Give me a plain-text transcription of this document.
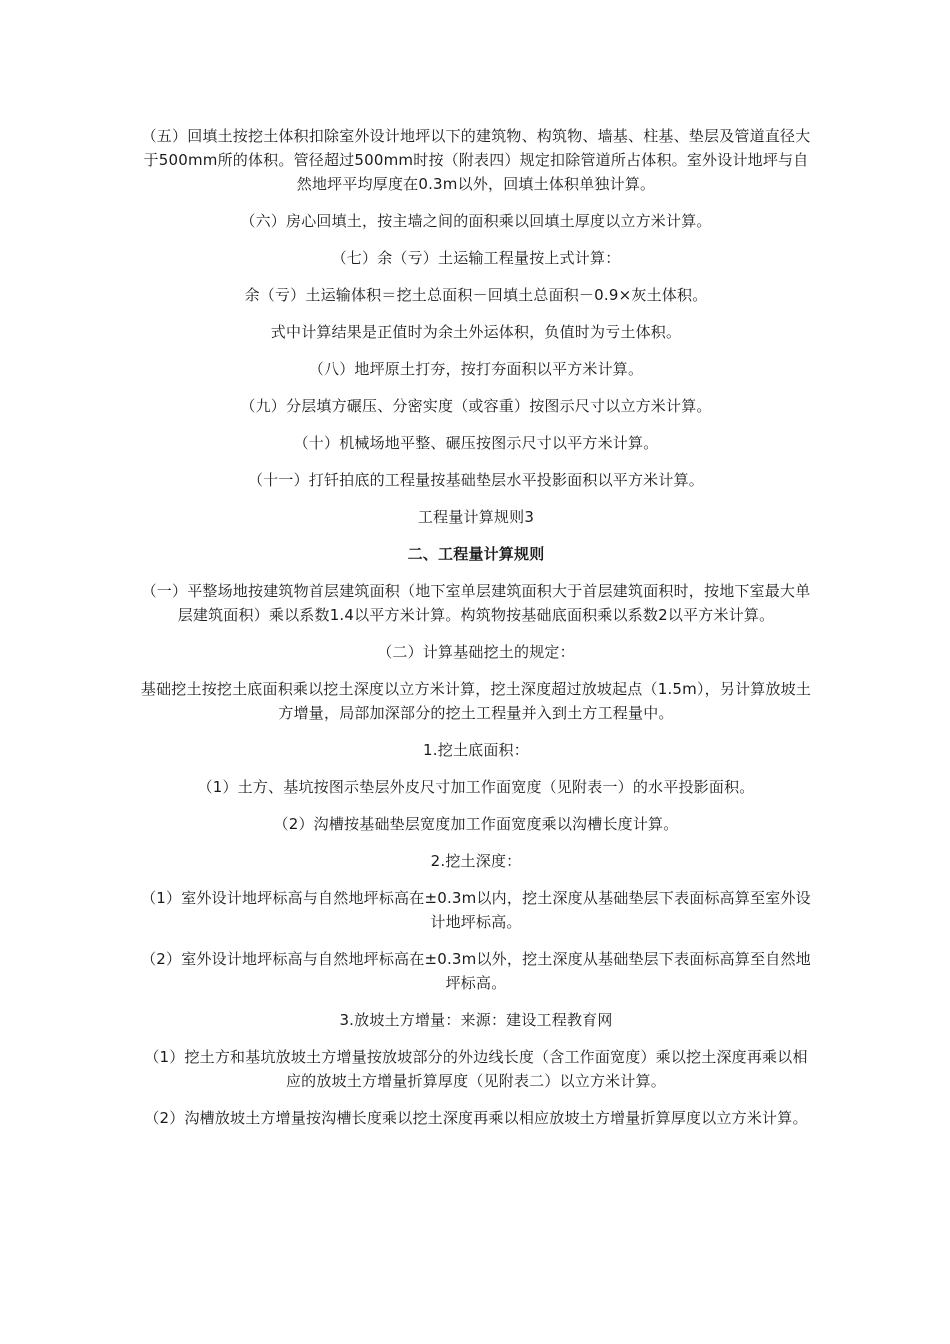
（五）回填土按挖土体积扣除室外设计地坪以下的建筑物、构筑物、墙基、柱基、垫层及管道直径大于500mm所的体积。管径超过500mm时按（附表四）规定扣除管道所占体积。室外设计地坪与自然地坪平均厚度在0.3m以外，回填土体积单独计算。

（六）房心回填土，按主墙之间的面积乘以回填土厚度以立方米计算。

（七）余（亏）土运输工程量按上式计算：

余（亏）土运输体积＝挖土总面积－回填土总面积－0.9×灰土体积。

式中计算结果是正值时为余土外运体积，负值时为亏土体积。

（八）地坪原土打夯，按打夯面积以平方米计算。

（九）分层填方碾压、分密实度（或容重）按图示尺寸以立方米计算。

（十）机械场地平整、碾压按图示尺寸以平方米计算。

（十一）打钎拍底的工程量按基础垫层水平投影面积以平方米计算。

工程量计算规则3

二、工程量计算规则

（一）平整场地按建筑物首层建筑面积（地下室单层建筑面积大于首层建筑面积时，按地下室最大单层建筑面积）乘以系数1.4以平方米计算。构筑物按基础底面积乘以系数2以平方米计算。

（二）计算基础挖土的规定：

基础挖土按挖土底面积乘以挖土深度以立方米计算，挖土深度超过放坡起点（1.5m），另计算放坡土方增量，局部加深部分的挖土工程量并入到土方工程量中。

1.挖土底面积：

（1）土方、基坑按图示垫层外皮尺寸加工作面宽度（见附表一）的水平投影面积。

（2）沟槽按基础垫层宽度加工作面宽度乘以沟槽长度计算。

2.挖土深度：

（1）室外设计地坪标高与自然地坪标高在±0.3m以内，挖土深度从基础垫层下表面标高算至室外设计地坪标高。

（2）室外设计地坪标高与自然地坪标高在±0.3m以外，挖土深度从基础垫层下表面标高算至自然地坪标高。

3.放坡土方增量：来源：建设工程教育网

（1）挖土方和基坑放坡土方增量按放坡部分的外边线长度（含工作面宽度）乘以挖土深度再乘以相应的放坡土方增量折算厚度（见附表二）以立方米计算。

（2）沟槽放坡土方增量按沟槽长度乘以挖土深度再乘以相应放坡土方增量折算厚度以立方米计算。
